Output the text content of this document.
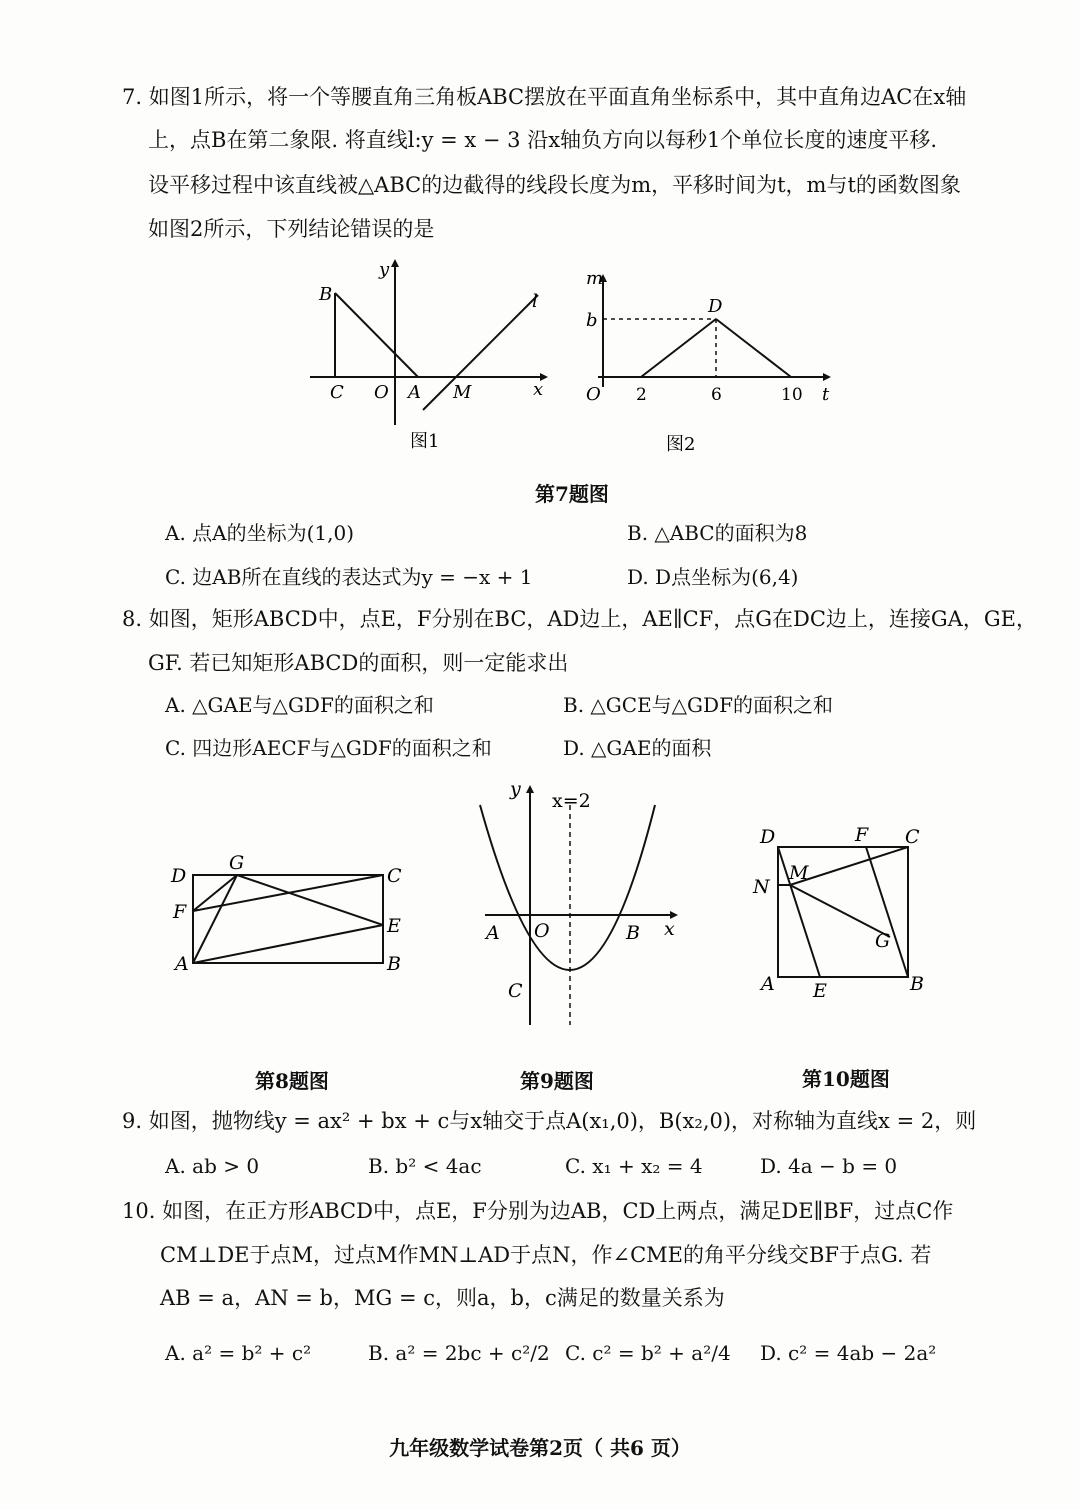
7. 如图1所示，将一个等腰直角三角板ABC摆放在平面直角坐标系中，其中直角边AC在x轴
上，点B在第二象限. 将直线l:y = x − 3 沿x轴负方向以每秒1个单位长度的速度平移.
设平移过程中该直线被△ABC的边截得的线段长度为m，平移时间为t，m与t的函数图象
如图2所示，下列结论错误的是
y
x
B
C O A M
l
图1
m
t
O
b
D
2	6	10
图2
第7题图
A. 点A的坐标为(1,0)	B. △ABC的面积为8
C. 边AB所在直线的表达式为y = −x + 1	D. D点坐标为(6,4)
8. 如图，矩形ABCD中，点E，F分别在BC，AD边上，AE∥CF，点G在DC边上，连接GA，GE，
GF. 若已知矩形ABCD的面积，则一定能求出
A. △GAE与△GDF的面积之和	B. △GCE与△GDF的面积之和
C. 四边形AECF与△GDF的面积之和	D. △GAE的面积
D
G
C
F
E
A	B
第8题图
y
x
x=2
A O	B
C
第9题图
D	F C
N
M
G
A E	B
第10题图
9. 如图，抛物线y = ax² + bx + c与x轴交于点A(x₁,0)，B(x₂,0)，对称轴为直线x = 2，则
A. ab > 0	B. b² < 4ac	C. x₁ + x₂ = 4	D. 4a − b = 0
10. 如图，在正方形ABCD中，点E，F分别为边AB，CD上两点，满足DE∥BF，过点C作
CM⊥DE于点M，过点M作MN⊥AD于点N，作∠CME的角平分线交BF于点G. 若
AB = a，AN = b，MG = c，则a，b，c满足的数量关系为
A. a² = b² + c²	B. a² = 2bc + c²/2 C. c² = b² + a²/4 D. c² = 4ab − 2a²
九年级数学试卷第2页（ 共6 页）
